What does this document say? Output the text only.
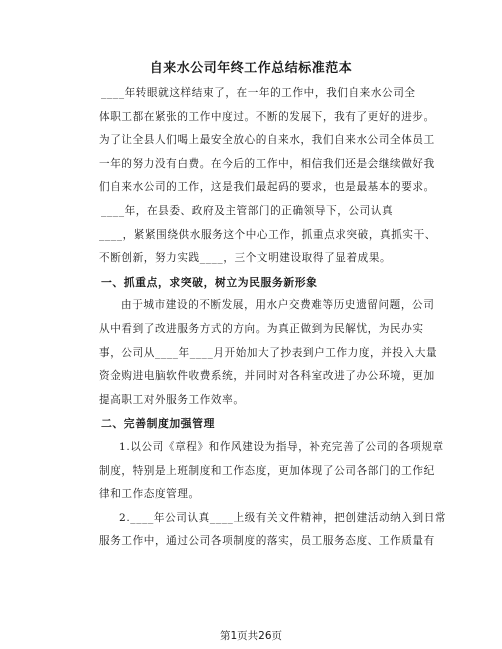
自来水公司年终工作总结标准范本
____年转眼就这样结束了，在一年的工作中，我们自来水公司全
体职工都在紧张的工作中度过。不断的发展下，我有了更好的进步。
为了让全县人们喝上最安全放心的自来水，我们自来水公司全体员工
一年的努力没有白费。在今后的工作中，相信我们还是会继续做好我
们自来水公司的工作，这是我们最起码的要求，也是最基本的要求。
____年，在县委、政府及主管部门的正确领导下，公司认真
____，紧紧围绕供水服务这个中心工作，抓重点求突破，真抓实干、
不断创新，努力实践____，三个文明建设取得了显着成果。
一、抓重点，求突破，树立为民服务新形象
由于城市建设的不断发展，用水户交费难等历史遗留问题，公司
从中看到了改进服务方式的方向。为真正做到为民解忧，为民办实
事，公司从____年____月开始加大了抄表到户工作力度，并投入大量
资金购进电脑软件收费系统，并同时对各科室改进了办公环境，更加
提高职工对外服务工作效率。
二、完善制度加强管理
1.以公司《章程》和作风建设为指导，补充完善了公司的各项规章
制度，特别是上班制度和工作态度，更加体现了公司各部门的工作纪
律和工作态度管理。
2.____年公司认真____上级有关文件精神，把创建活动纳入到日常
服务工作中，通过公司各项制度的落实，员工服务态度、工作质量有
第1页共26页
